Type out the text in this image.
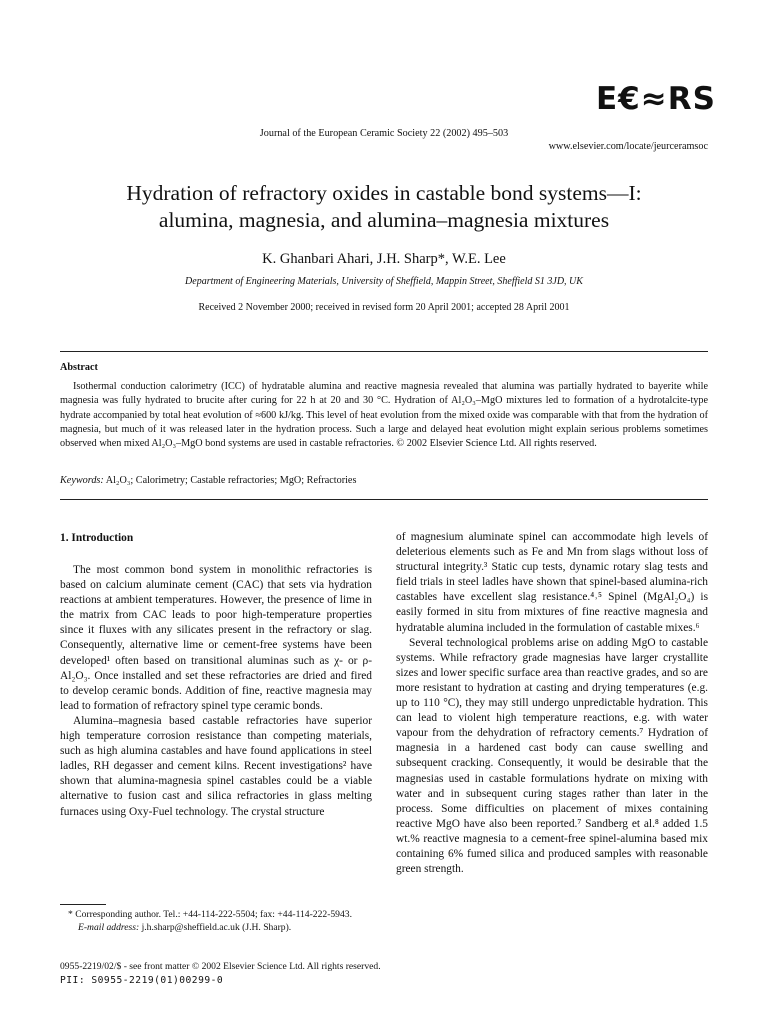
E€≈RS
Journal of the European Ceramic Society 22 (2002) 495–503
www.elsevier.com/locate/jeurceramsoc
Hydration of refractory oxides in castable bond systems—I:
alumina, magnesia, and alumina–magnesia mixtures
K. Ghanbari Ahari, J.H. Sharp*, W.E. Lee
Department of Engineering Materials, University of Sheffield, Mappin Street, Sheffield S1 3JD, UK
Received 2 November 2000; received in revised form 20 April 2001; accepted 28 April 2001
Abstract
Isothermal conduction calorimetry (ICC) of hydratable alumina and reactive magnesia revealed that alumina was partially hydrated to bayerite while magnesia was fully hydrated to brucite after curing for 22 h at 20 and 30 °C. Hydration of Al₂O₃–MgO mixtures led to formation of a hydrotalcite-type hydrate accompanied by total heat evolution of ≈600 kJ/kg. This level of heat evolution from the mixed oxide was comparable with that from the hydration of magnesia, but much of it was released later in the hydration process. Such a large and delayed heat evolution might explain serious problems sometimes observed when mixed Al₂O₃–MgO bond systems are used in castable refractories. © 2002 Elsevier Science Ltd. All rights reserved.
Keywords: Al₂O₃; Calorimetry; Castable refractories; MgO; Refractories
1. Introduction

The most common bond system in monolithic refractories is based on calcium aluminate cement (CAC) that sets via hydration reactions at ambient temperatures. However, the presence of lime in the matrix from CAC leads to poor high-temperature properties since it fluxes with any silicates present in the refractory or slag. Consequently, alternative lime or cement-free systems have been developed¹ often based on transitional aluminas such as χ- or ρ-Al₂O₃. Once installed and set these refractories are dried and fired to develop ceramic bonds. Addition of fine, reactive magnesia may lead to formation of refractory spinel type ceramic bonds.

Alumina–magnesia based castable refractories have superior high temperature corrosion resistance than competing materials, such as high alumina castables and have found applications in steel ladles, RH degasser and cement kilns. Recent investigations² have shown that alumina-magnesia spinel castables could be a viable alternative to fusion cast and silica refractories in glass melting furnaces using Oxy-Fuel technology. The crystal structure

of magnesium aluminate spinel can accommodate high levels of deleterious elements such as Fe and Mn from slags without loss of structural integrity.³ Static cup tests, dynamic rotary slag tests and field trials in steel ladles have shown that spinel-based alumina-rich castables have excellent slag resistance.⁴˒⁵ Spinel (MgAl₂O₄) is easily formed in situ from mixtures of fine reactive magnesia and hydratable alumina included in the formulation of castable mixes.⁶

Several technological problems arise on adding MgO to castable systems. While refractory grade magnesias have larger crystallite sizes and lower specific surface area than reactive grades, and so are more resistant to hydration at casting and drying temperatures (e.g. up to 110 °C), they may still undergo unpredictable hydration. This can lead to violent high temperature reactions, e.g. with water vapour from the dehydration of refractory cements.⁷ Hydration of magnesia in a hardened cast body can cause swelling and subsequent cracking. Consequently, it would be desirable that the magnesias used in castable formulations hydrate on mixing with water and in subsequent curing stages rather than later in the process. Some difficulties on placement of mixes containing reactive MgO have also been reported.⁷ Sandberg et al.⁸ added 1.5 wt.% reactive magnesia to a cement-free spinel-alumina based mix containing 6% fumed silica and produced samples with reasonable green strength.

* Corresponding author. Tel.: +44-114-222-5504; fax: +44-114-222-5943.
E-mail address: j.h.sharp@sheffield.ac.uk (J.H. Sharp).
0955-2219/02/$ - see front matter © 2002 Elsevier Science Ltd. All rights reserved.
PII: S0955-2219(01)00299-0
